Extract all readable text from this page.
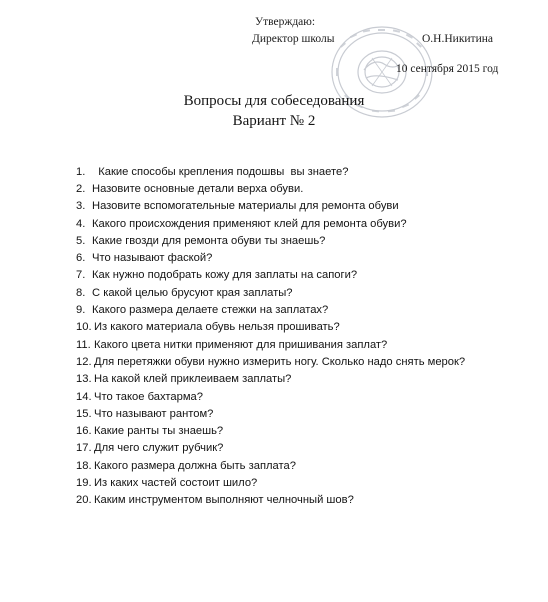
Утверждаю:
Директор школы	О.Н.Никитина
10 сентября 2015 год
Вопросы для собеседования
Вариант № 2
1. Какие способы крепления подошвы  вы знаете?
2. Назовите основные детали верха обуви.
3. Назовите вспомогательные материалы для ремонта обуви
4. Какого происхождения применяют клей для ремонта обуви?
5. Какие гвозди для ремонта обуви ты знаешь?
6. Что называют фаской?
7. Как нужно подобрать кожу для заплаты на сапоги?
8. С какой целью брусуют края заплаты?
9. Какого размера делаете стежки на заплатах?
10. Из какого материала обувь нельзя прошивать?
11. Какого цвета нитки применяют для пришивания заплат?
12. Для перетяжки обуви нужно измерить ногу. Сколько надо снять мерок?
13. На какой клей приклеиваем заплаты?
14. Что такое бахтарма?
15. Что называют рантом?
16. Какие ранты ты знаешь?
17. Для чего служит рубчик?
18. Какого размера должна быть заплата?
19. Из каких частей состоит шило?
20. Каким инструментом выполняют челночный шов?
